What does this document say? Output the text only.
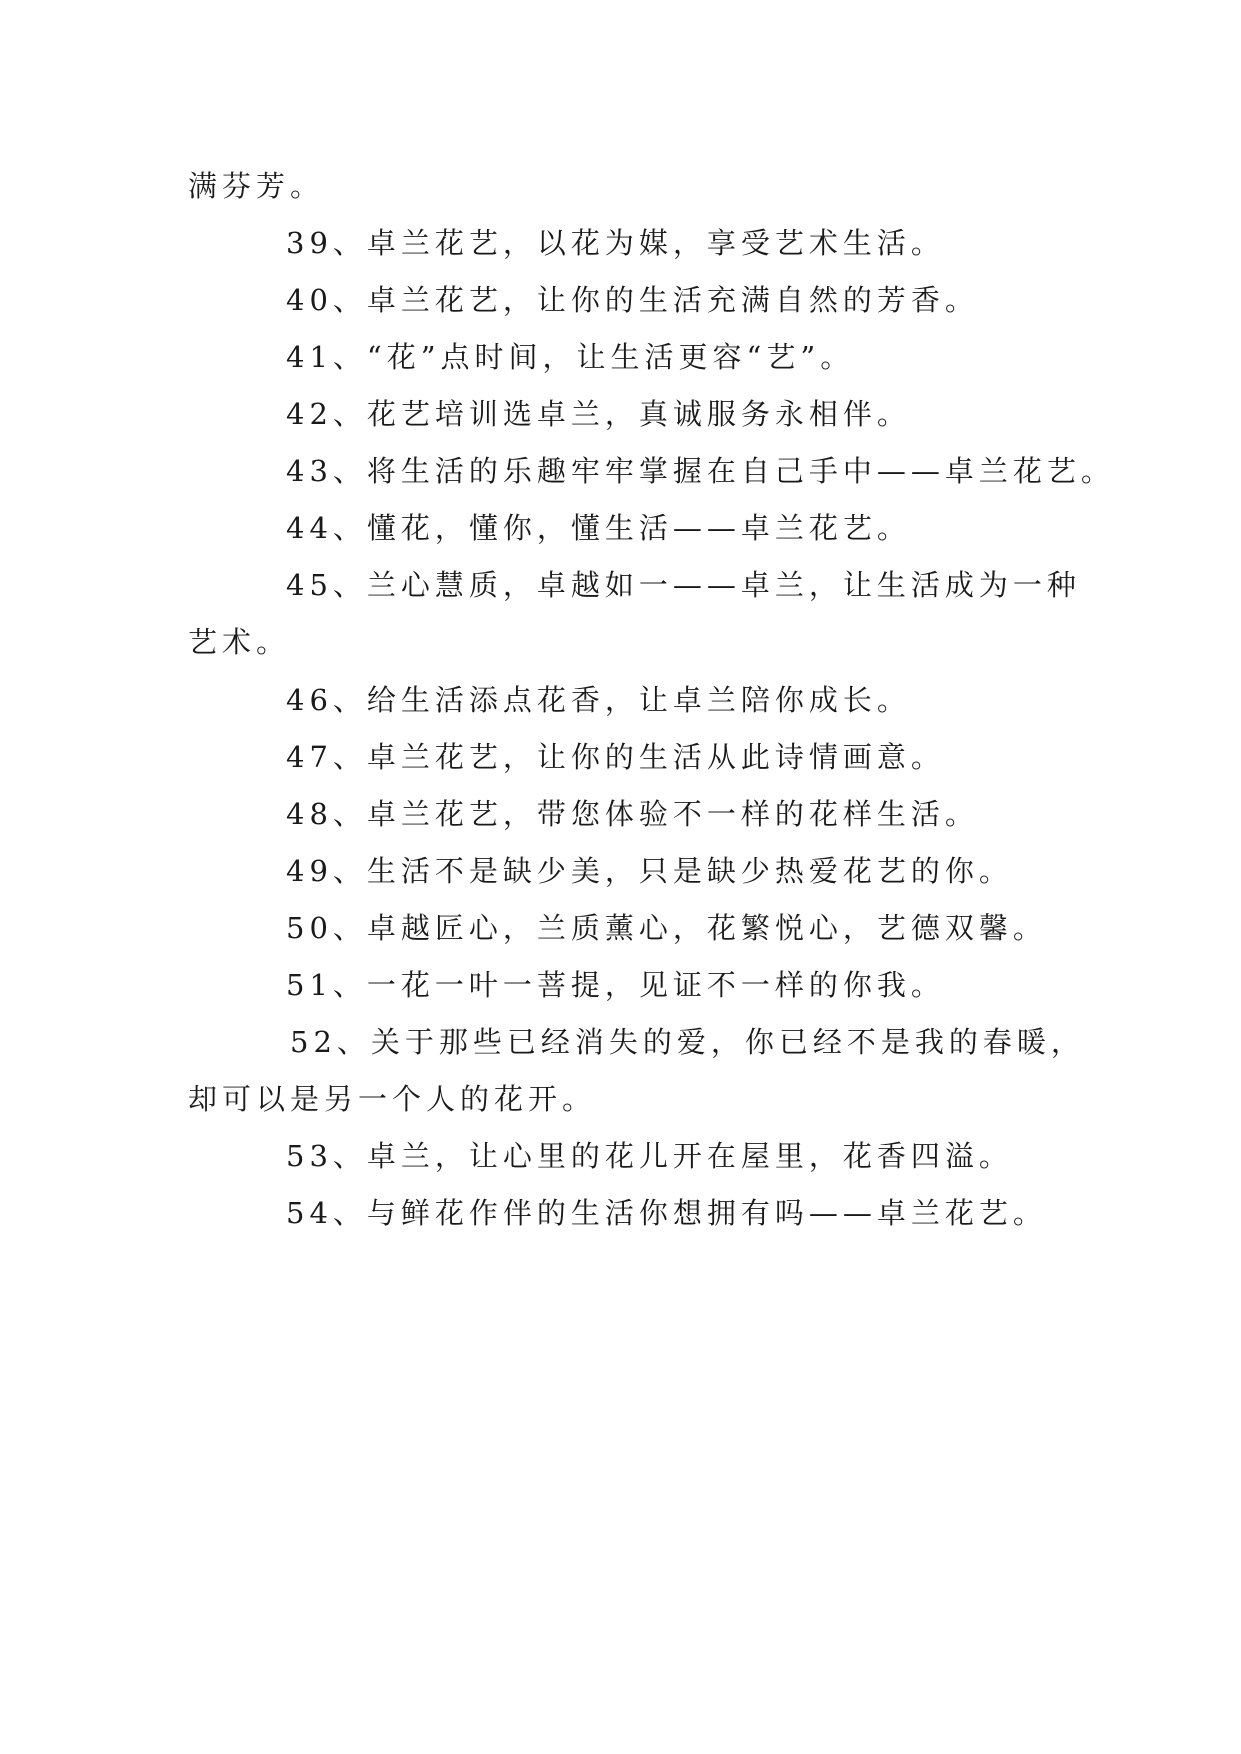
满芬芳。
39、卓兰花艺，以花为媒，享受艺术生活。
40、卓兰花艺，让你的生活充满自然的芳香。
41、“花”点时间，让生活更容“艺”。
42、花艺培训选卓兰，真诚服务永相伴。
43、将生活的乐趣牢牢掌握在自己手中——卓兰花艺。
44、懂花，懂你，懂生活——卓兰花艺。
45、兰心慧质，卓越如一——卓兰，让生活成为一种
艺术。
46、给生活添点花香，让卓兰陪你成长。
47、卓兰花艺，让你的生活从此诗情画意。
48、卓兰花艺，带您体验不一样的花样生活。
49、生活不是缺少美，只是缺少热爱花艺的你。
50、卓越匠心，兰质薰心，花繁悦心，艺德双馨。
51、一花一叶一菩提，见证不一样的你我。
52、关于那些已经消失的爱，你已经不是我的春暖，
却可以是另一个人的花开。
53、卓兰，让心里的花儿开在屋里，花香四溢。
54、与鲜花作伴的生活你想拥有吗——卓兰花艺。
